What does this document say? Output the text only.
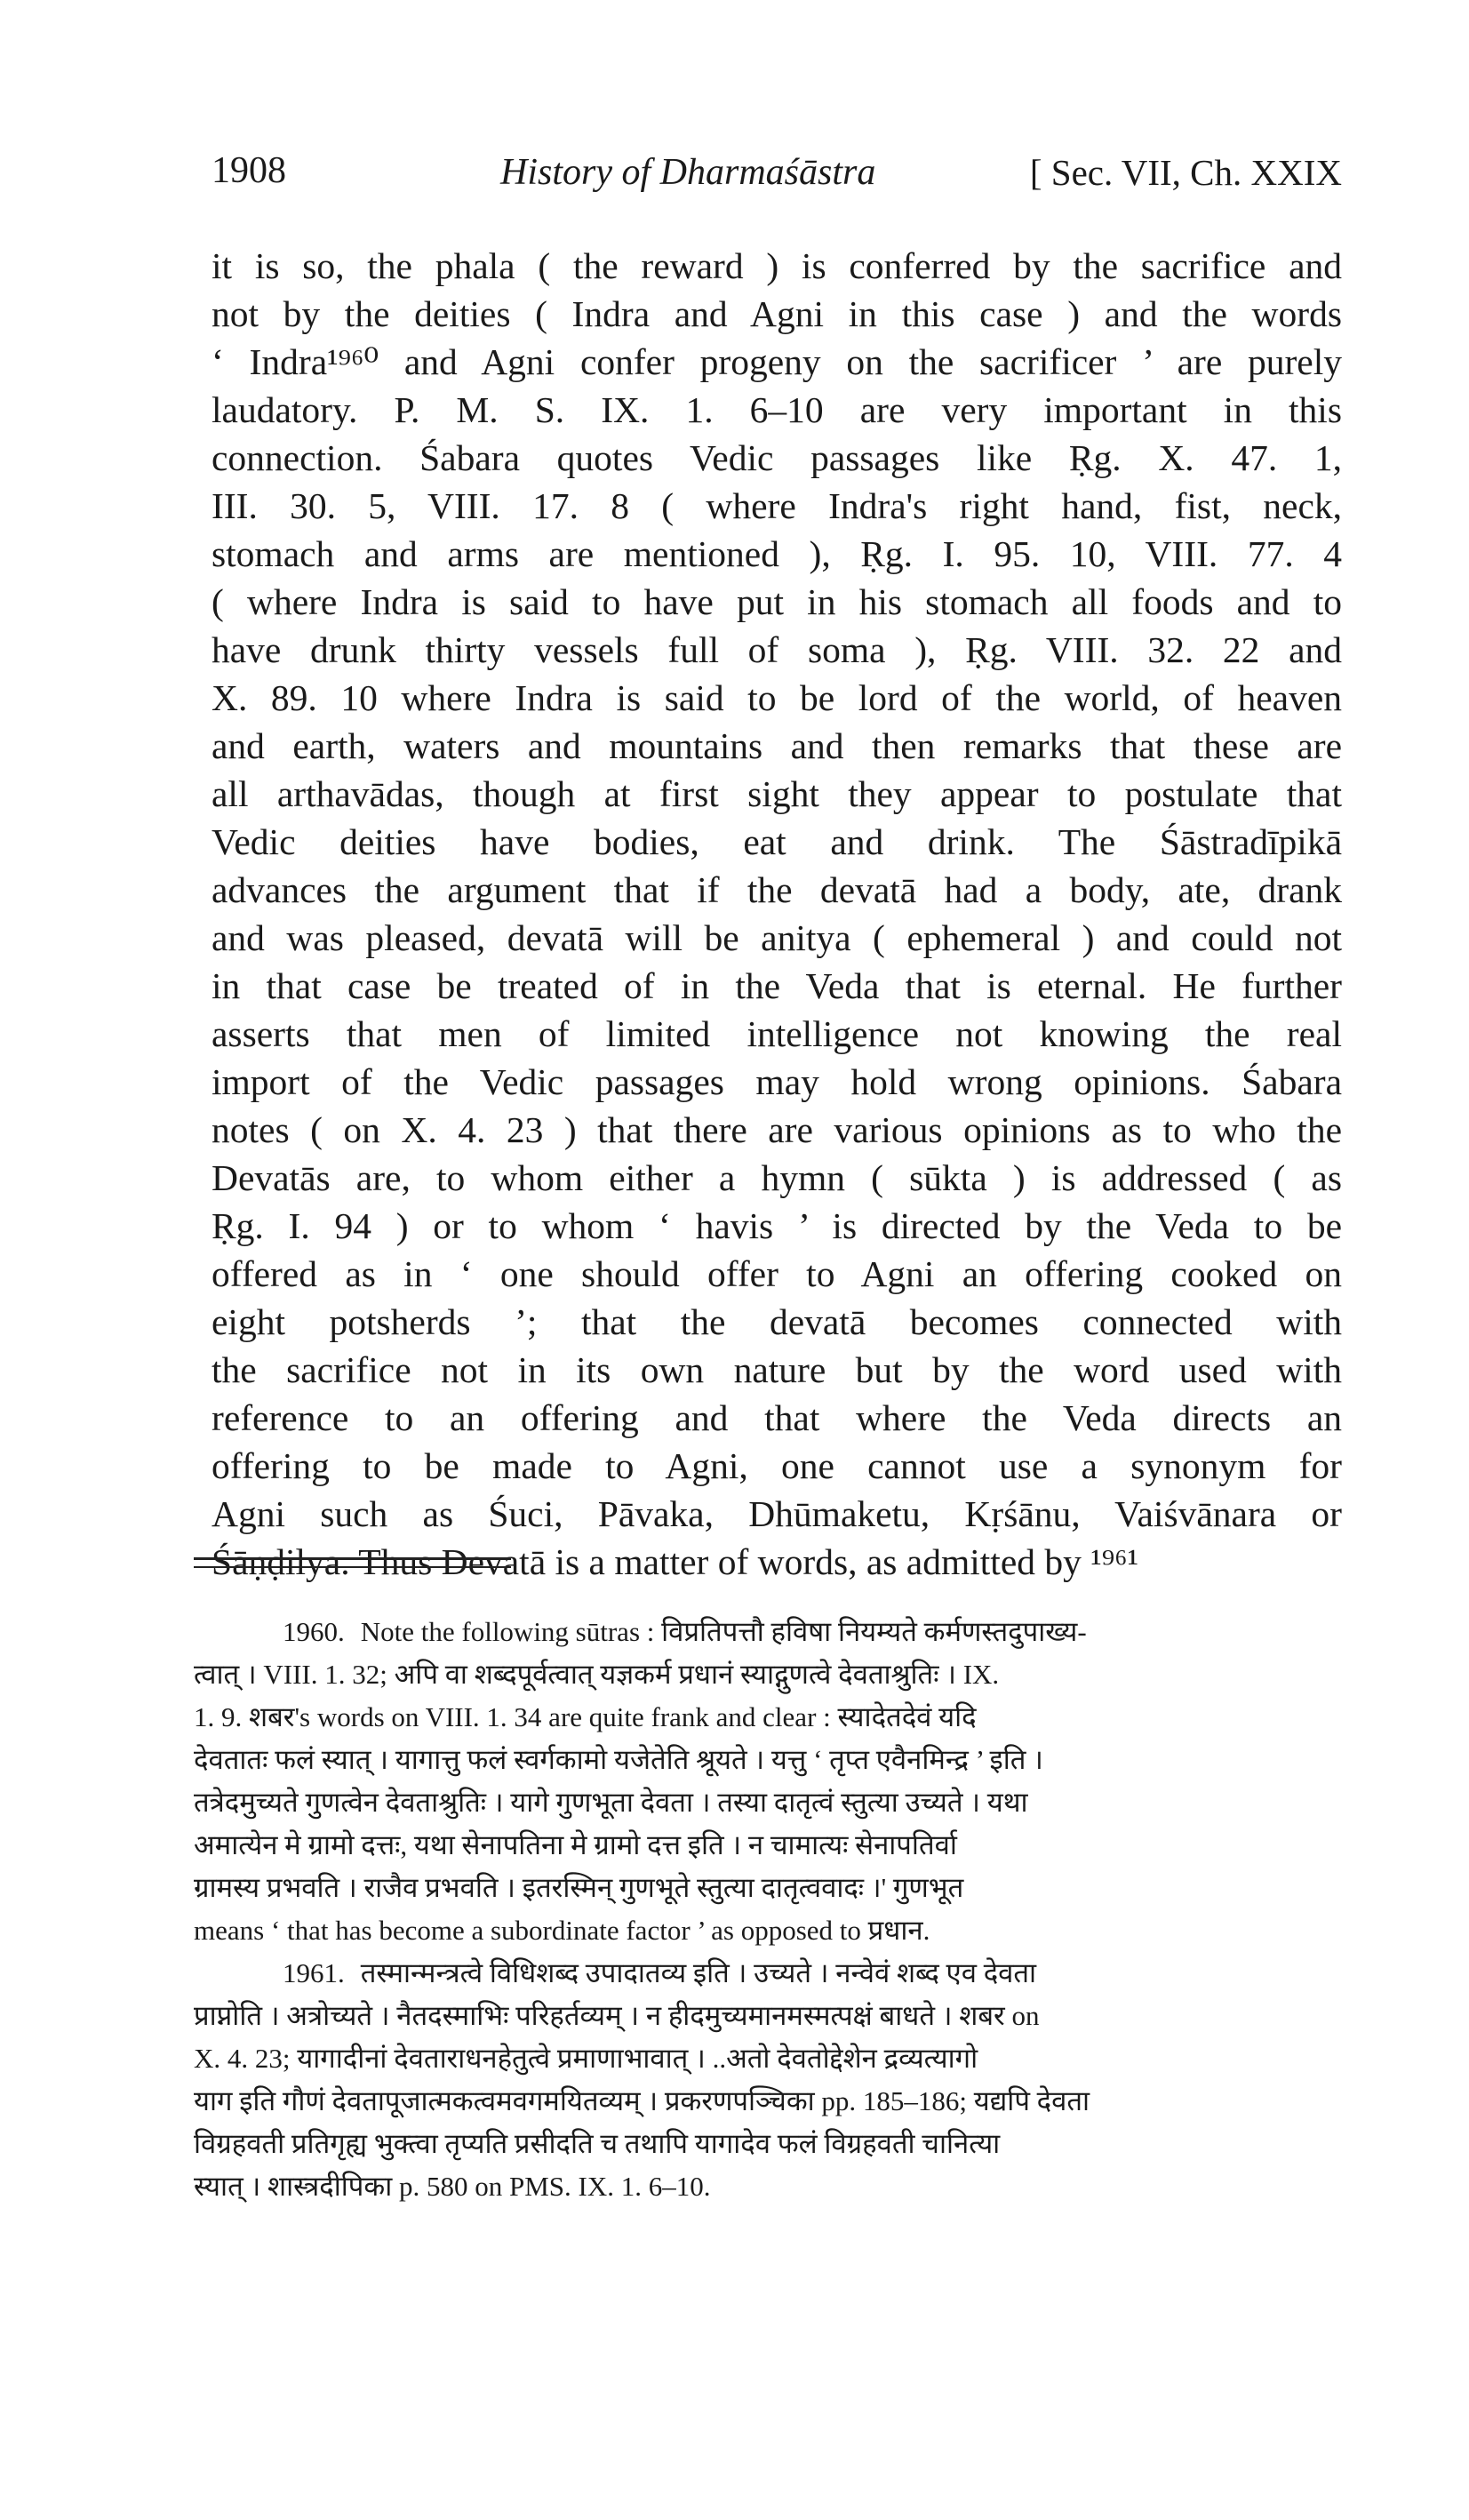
1908	History of Dharmaśāstra	[ Sec. VII, Ch. XXIX
it is so, the phala ( the reward ) is conferred by the sacrifice and
not by the deities ( Indra and Agni in this case ) and the words
‘ Indra¹⁹⁶⁰ and Agni confer progeny on the sacrificer ’ are purely
laudatory. P. M. S. IX. 1. 6–10 are very important in this
connection. Śabara quotes Vedic passages like Ṛg. X. 47. 1,
III. 30. 5, VIII. 17. 8 ( where Indra's right hand, fist, neck,
stomach and arms are mentioned ), Ṛg. I. 95. 10, VIII. 77. 4
( where Indra is said to have put in his stomach all foods and to
have drunk thirty vessels full of soma ), Ṛg. VIII. 32. 22 and
X. 89. 10 where Indra is said to be lord of the world, of heaven
and earth, waters and mountains and then remarks that these are
all arthavādas, though at first sight they appear to postulate that
Vedic deities have bodies, eat and drink. The Śāstradīpikā
advances the argument that if the devatā had a body, ate, drank
and was pleased, devatā will be anitya ( ephemeral ) and could not
in that case be treated of in the Veda that is eternal. He further
asserts that men of limited intelligence not knowing the real
import of the Vedic passages may hold wrong opinions. Śabara
notes ( on X. 4. 23 ) that there are various opinions as to who the
Devatās are, to whom either a hymn ( sūkta ) is addressed ( as
Ṛg. I. 94 ) or to whom ‘ havis ’ is directed by the Veda to be
offered as in ‘ one should offer to Agni an offering cooked on
eight potsherds ’; that the devatā becomes connected with
the sacrifice not in its own nature but by the word used with
reference to an offering and that where the Veda directs an
offering to be made to Agni, one cannot use a synonym for
Agni such as Śuci, Pāvaka, Dhūmaketu, Kṛśānu, Vaiśvānara or
Śāṇḍilya. Thus Devatā is a matter of words, as admitted by ¹⁹⁶¹
1960. Note the following sūtras : विप्रतिपत्तौ हविषा नियम्यते कर्मणस्तदुपाख्य-
त्वात् । VIII. 1. 32; अपि वा शब्दपूर्वत्वात् यज्ञकर्म प्रधानं स्याद्गुणत्वे देवताश्रुतिः । IX.
1. 9. शबर's words on VIII. 1. 34 are quite frank and clear : स्यादेतदेवं यदि
देवतातः फलं स्यात् । यागात्तु फलं स्वर्गकामो यजेतेति श्रूयते । यत्तु ‘ तृप्त एवैनमिन्द्र ’ इति ।
तत्रेदमुच्यते गुणत्वेन देवताश्रुतिः । यागे गुणभूता देवता । तस्या दातृत्वं स्तुत्या उच्यते । यथा
अमात्येन मे ग्रामो दत्तः, यथा सेनापतिना मे ग्रामो दत्त इति । न चामात्यः सेनापतिर्वा
ग्रामस्य प्रभवति । राजैव प्रभवति । इतरस्मिन् गुणभूते स्तुत्या दातृत्ववादः ।' गुणभूत
means ‘ that has become a subordinate factor ’ as opposed to प्रधान.
1961. तस्मान्मन्त्रत्वे विधिशब्द उपादातव्य इति । उच्यते । नन्वेवं शब्द एव देवता
प्राप्नोति । अत्रोच्यते । नैतदस्माभिः परिहर्तव्यम् । न हीदमुच्यमानमस्मत्पक्षं बाधते । शबर on
X. 4. 23; यागादीनां देवताराधनहेतुत्वे प्रमाणाभावात् । ..अतो देवतोद्देशेन द्रव्यत्यागो
याग इति गौणं देवतापूजात्मकत्वमवगमयितव्यम् । प्रकरणपञ्चिका pp. 185–186; यद्यपि देवता
विग्रहवती प्रतिगृह्य भुक्त्वा तृप्यति प्रसीदति च तथापि यागादेव फलं विग्रहवती चानित्या
स्यात् । शास्त्रदीपिका p. 580 on PMS. IX. 1. 6–10.
